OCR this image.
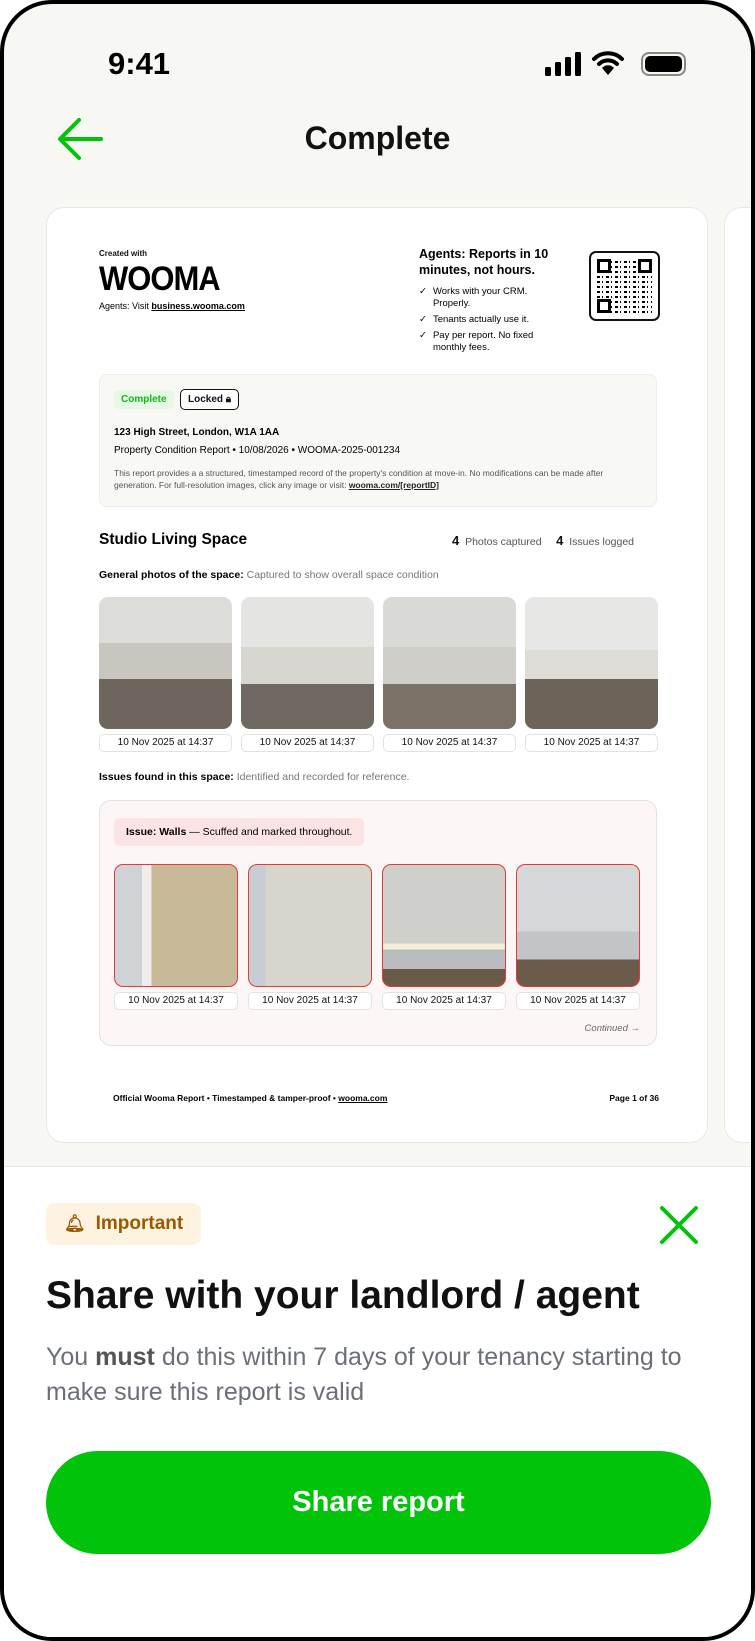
9:41
Complete
Created with
WOOMA
Agents: Visit business.wooma.com
Agents: Reports in 10 minutes, not hours.
✓ Works with your CRM. Properly.
✓ Tenants actually use it.
✓ Pay per report. No fixed monthly fees.
Complete	Locked 🔒︎
123 High Street, London, W1A 1AA
Property Condition Report • 10/08/2026 • WOOMA-2025-001234
This report provides a a structured, timestamped record of the property's condition at move-in. No modifications can be made after generation. For full-resolution images, click any image or visit: wooma.com/[reportID]
Studio Living Space	4 Photos captured 4 Issues logged
General photos of the space: Captured to show overall space condition
10 Nov 2025 at 14:37	10 Nov 2025 at 14:37	10 Nov 2025 at 14:37	10 Nov 2025 at 14:37
Issues found in this space: Identified and recorded for reference.
Issue: Walls — Scuffed and marked throughout.
10 Nov 2025 at 14:37	10 Nov 2025 at 14:37	10 Nov 2025 at 14:37	10 Nov 2025 at 14:37
Continued →
Official Wooma Report • Timestamped & tamper-proof • wooma.com	Page 1 of 36
🔔︎ Important
Share with your landlord / agent
You must do this within 7 days of your tenancy starting to make sure this report is valid
Share report
